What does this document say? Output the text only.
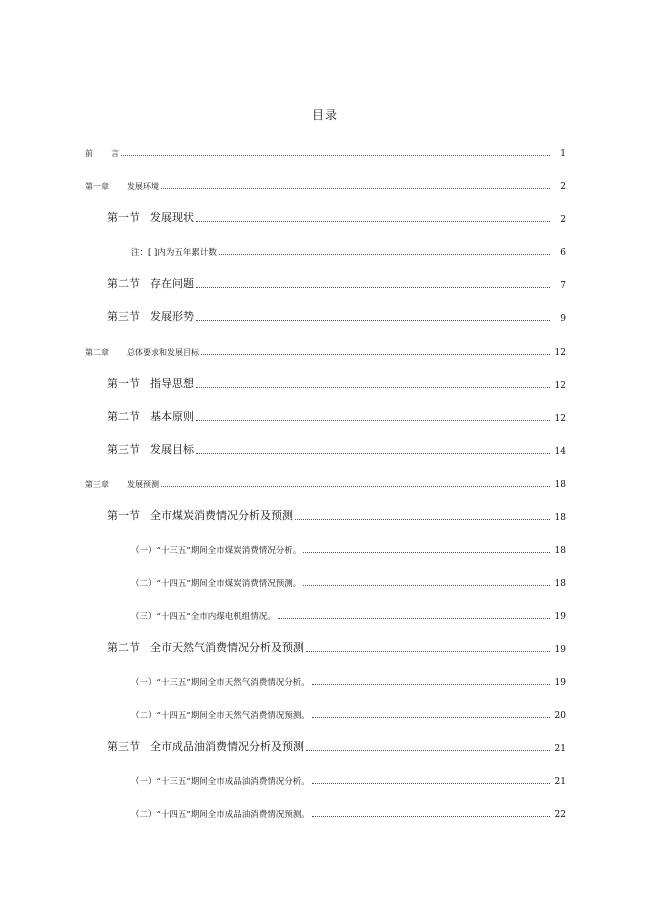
目录
前 言	1
第一章 发展环境	2
第一节 发展现状	2
注：[ ]内为五年累计数	6
第二节 存在问题	7
第三节 发展形势	9
第二章 总体要求和发展目标	12
第一节 指导思想	12
第二节 基本原则	12
第三节 发展目标	14
第三章 发展预测	18
第一节 全市煤炭消费情况分析及预测	18
（一）“十三五”期间全市煤炭消费情况分析。	18
（二）“十四五”期间全市煤炭消费情况预测。	18
（三）“十四五”全市内煤电机组情况。	19
第二节 全市天然气消费情况分析及预测	19
（一）“十三五”期间全市天然气消费情况分析。	19
（二）“十四五”期间全市天然气消费情况预测。	20
第三节 全市成品油消费情况分析及预测	21
（一）“十三五”期间全市成品油消费情况分析。	21
（二）“十四五”期间全市成品油消费情况预测。	22
